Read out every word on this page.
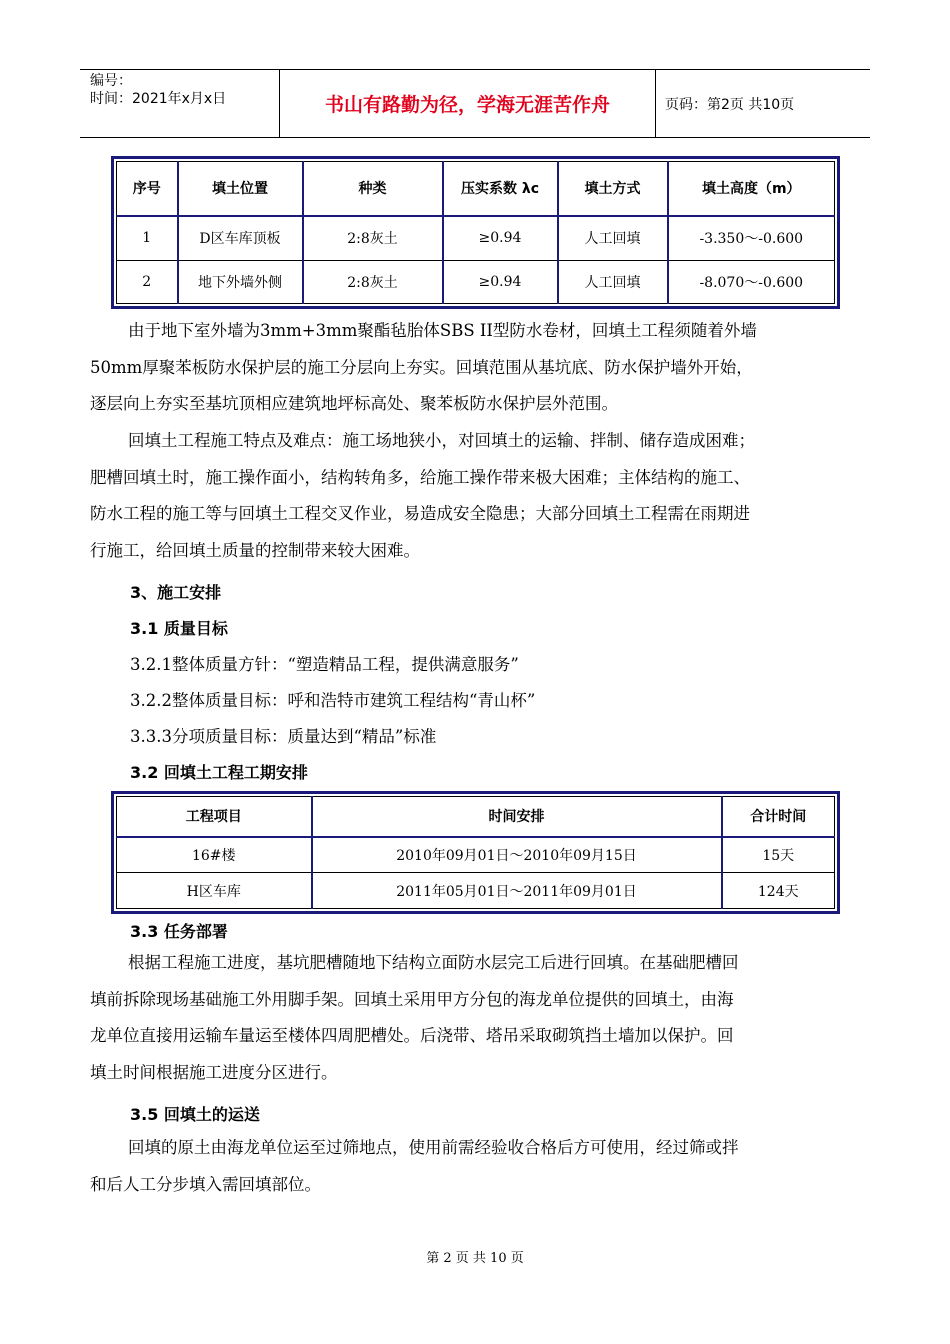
编号：
时间：2021年x月x日	书山有路勤为径，学海无涯苦作舟	页码：第2页 共10页
序号	填土位置	种类	压实系数 λc	填土方式	填土高度（m）
1	D区车库顶板	2:8灰土	≥0.94	人工回填	-3.350～-0.600
2	地下外墙外侧	2:8灰土	≥0.94	人工回填	-8.070～-0.600
由于地下室外墙为3mm+3mm聚酯毡胎体SBS II型防水卷材，回填土工程须随着外墙
50mm厚聚苯板防水保护层的施工分层向上夯实。回填范围从基坑底、防水保护墙外开始，
逐层向上夯实至基坑顶相应建筑地坪标高处、聚苯板防水保护层外范围。
回填土工程施工特点及难点：施工场地狭小，对回填土的运输、拌制、储存造成困难；
肥槽回填土时，施工操作面小，结构转角多，给施工操作带来极大困难；主体结构的施工、
防水工程的施工等与回填土工程交叉作业，易造成安全隐患；大部分回填土工程需在雨期进
行施工，给回填土质量的控制带来较大困难。
3、施工安排
3.1 质量目标
3.2.1整体质量方针：“塑造精品工程，提供满意服务”
3.2.2整体质量目标：呼和浩特市建筑工程结构“青山杯”
3.3.3分项质量目标：质量达到“精品”标准
3.2 回填土工程工期安排
工程项目	时间安排	合计时间
16#楼	2010年09月01日～2010年09月15日	15天
H区车库	2011年05月01日～2011年09月01日	124天
3.3 任务部署
根据工程施工进度，基坑肥槽随地下结构立面防水层完工后进行回填。在基础肥槽回
填前拆除现场基础施工外用脚手架。回填土采用甲方分包的海龙单位提供的回填土，由海
龙单位直接用运输车量运至楼体四周肥槽处。后浇带、塔吊采取砌筑挡土墙加以保护。回
填土时间根据施工进度分区进行。
3.5 回填土的运送
回填的原土由海龙单位运至过筛地点，使用前需经验收合格后方可使用，经过筛或拌
和后人工分步填入需回填部位。
第 2 页 共 10 页
